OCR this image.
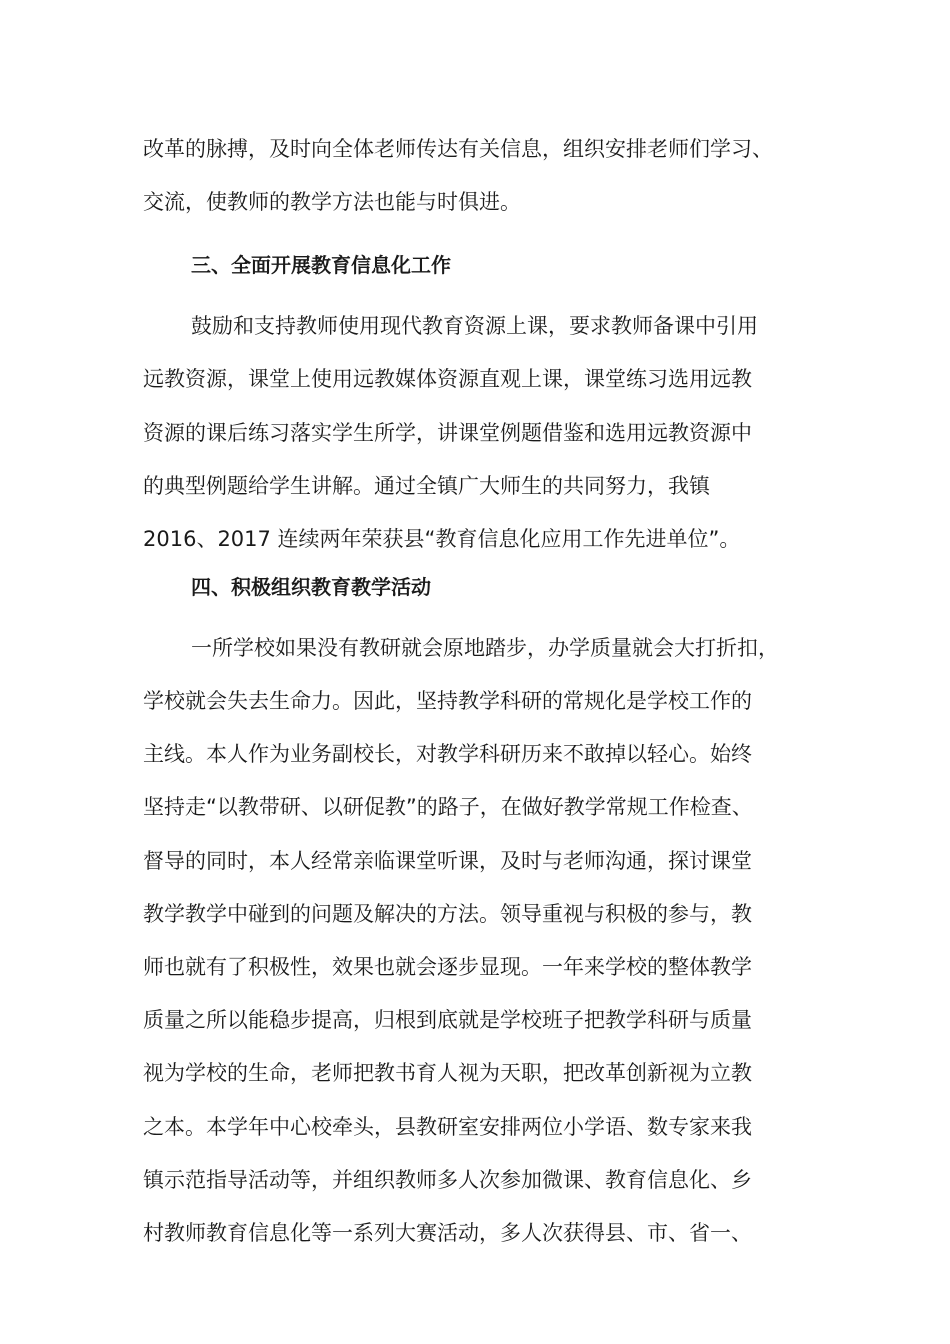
改革的脉搏，及时向全体老师传达有关信息，组织安排老师们学习、
交流，使教师的教学方法也能与时俱进。
三、全面开展教育信息化工作
鼓励和支持教师使用现代教育资源上课，要求教师备课中引用
远教资源，课堂上使用远教媒体资源直观上课，课堂练习选用远教
资源的课后练习落实学生所学，讲课堂例题借鉴和选用远教资源中
的典型例题给学生讲解。通过全镇广大师生的共同努力，我镇
2016、2017 连续两年荣获县“教育信息化应用工作先进单位”。
四、积极组织教育教学活动
一所学校如果没有教研就会原地踏步，办学质量就会大打折扣，
学校就会失去生命力。因此，坚持教学科研的常规化是学校工作的
主线。本人作为业务副校长，对教学科研历来不敢掉以轻心。始终
坚持走“以教带研、以研促教”的路子，在做好教学常规工作检查、
督导的同时，本人经常亲临课堂听课，及时与老师沟通，探讨课堂
教学教学中碰到的问题及解决的方法。领导重视与积极的参与，教
师也就有了积极性，效果也就会逐步显现。一年来学校的整体教学
质量之所以能稳步提高，归根到底就是学校班子把教学科研与质量
视为学校的生命，老师把教书育人视为天职，把改革创新视为立教
之本。本学年中心校牵头，县教研室安排两位小学语、数专家来我
镇示范指导活动等，并组织教师多人次参加微课、教育信息化、乡
村教师教育信息化等一系列大赛活动，多人次获得县、市、省一、
